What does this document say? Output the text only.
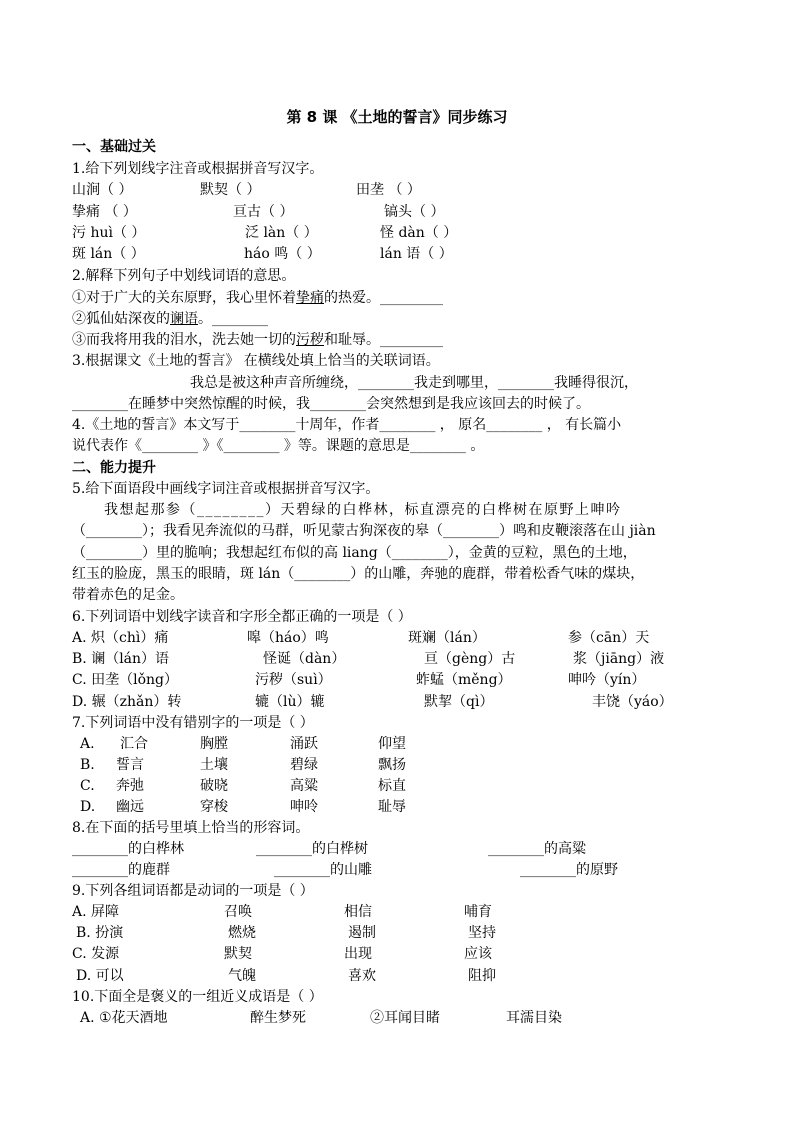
第 8 课 《土地的誓言》同步练习
一、基础过关
1.给下列划线字注音或根据拼音写汉字。
山涧（ ）	默契（ ）	田垄 （ ）
挚痛 （ ）	亘古（ ）	镐头（ ）
污 huì（ ）	泛 làn（ ）	怪 dàn（ ）
斑 lán（ ）	háo 鸣（ ）	lán 语（ ）
2.解释下列句子中划线词语的意思。
①对于广大的关东原野，我心里怀着挚痛的热爱。_________
②狐仙姑深夜的谰语。________
③而我将用我的泪水，洗去她一切的污秽和耻辱。_________
3.根据课文《土地的誓言》 在横线处填上恰当的关联词语。
我总是被这种声音所缠绕，________我走到哪里，________我睡得很沉，
________在睡梦中突然惊醒的时候，我________会突然想到是我应该回去的时候了。
4.《土地的誓言》本文写于________十周年，作者________ ， 原名________ ， 有长篇小
说代表作《________ 》《________ 》等。课题的意思是________ 。
二、能力提升
5.给下面语段中画线字词注音或根据拼音写汉字。
我想起那参（________）天碧绿的白桦林，标直漂亮的白桦树在原野上呻吟
（________）；我看见奔流似的马群，听见蒙古狗深夜的皋（________）鸣和皮鞭滚落在山 jiàn
（________）里的脆响；我想起红布似的高 liang（________），金黄的豆粒，黑色的土地，
红玉的脸庞，黑玉的眼睛，斑 lán（________）的山雕，奔驰的鹿群，带着松香气味的煤块，
带着赤色的足金。
6.下列词语中划线字读音和字形全都正确的一项是（ ）
A. 炽（chì）痛	嗥（háo）鸣	斑斓（lán）	参（cān）天
B. 谰（lán）语	怪诞（dàn）	亘（gèng）古	浆（jiāng）液
C. 田垄（lǒng）	污秽（suì）	蚱蜢（měng）	呻吟（yín）
D. 辗（zhǎn）转	辘（lù）辘	默挈（qì）	丰饶（yáo）
7.下列词语中没有错别字的一项是（ ）
A. 汇合	胸膛	涌跃	仰望
B. 誓言	土壤	碧绿	飘扬
C. 奔弛	破晓	高粱	标直
D. 幽远	穿梭	呻呤	耻辱
8.在下面的括号里填上恰当的形容词。
________的白桦林	________的白桦树	________的高粱
________的鹿群	________的山雕	________的原野
9.下列各组词语都是动词的一项是（ ）
A. 屏障	召唤	相信	哺育
B. 扮演	燃烧	遏制	坚持
C. 发源	默契	出现	应该
D. 可以	气魄	喜欢	阻抑
10.下面全是褒义的一组近义成语是（ ）
A. ①花天酒地	醉生梦死	②耳闻目睹	耳濡目染
